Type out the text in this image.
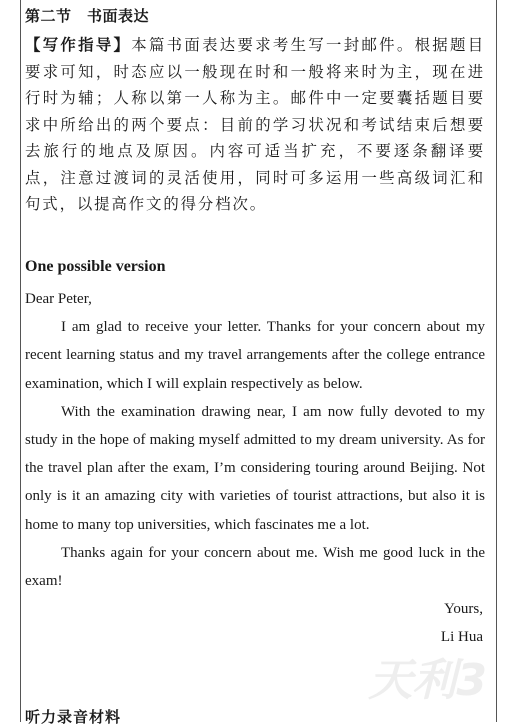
天利3
第二节　书面表达
【写作指导】本篇书面表达要求考生写一封邮件。根据题目要求可知，时态应以一般现在时和一般将来时为主，现在进行时为辅；人称以第一人称为主。邮件中一定要囊括题目要求中所给出的两个要点：目前的学习状况和考试结束后想要去旅行的地点及原因。内容可适当扩充，不要逐条翻译要点，注意过渡词的灵活使用，同时可多运用一些高级词汇和句式，以提高作文的得分档次。
One possible version

Dear Peter,

I am glad to receive your letter. Thanks for your concern about my recent learning status and my travel arrangements after the college entrance examination, which I will explain respectively as below.

With the examination drawing near, I am now fully devoted to my study in the hope of making myself admitted to my dream university. As for the travel plan after the exam, I’m considering touring around Beijing. Not only is it an amazing city with varieties of tourist attractions, but also it is home to many top universities, which fascinates me a lot.

Thanks again for your concern about me. Wish me good luck in the exam!

Yours,

Li Hua

听力录音材料
